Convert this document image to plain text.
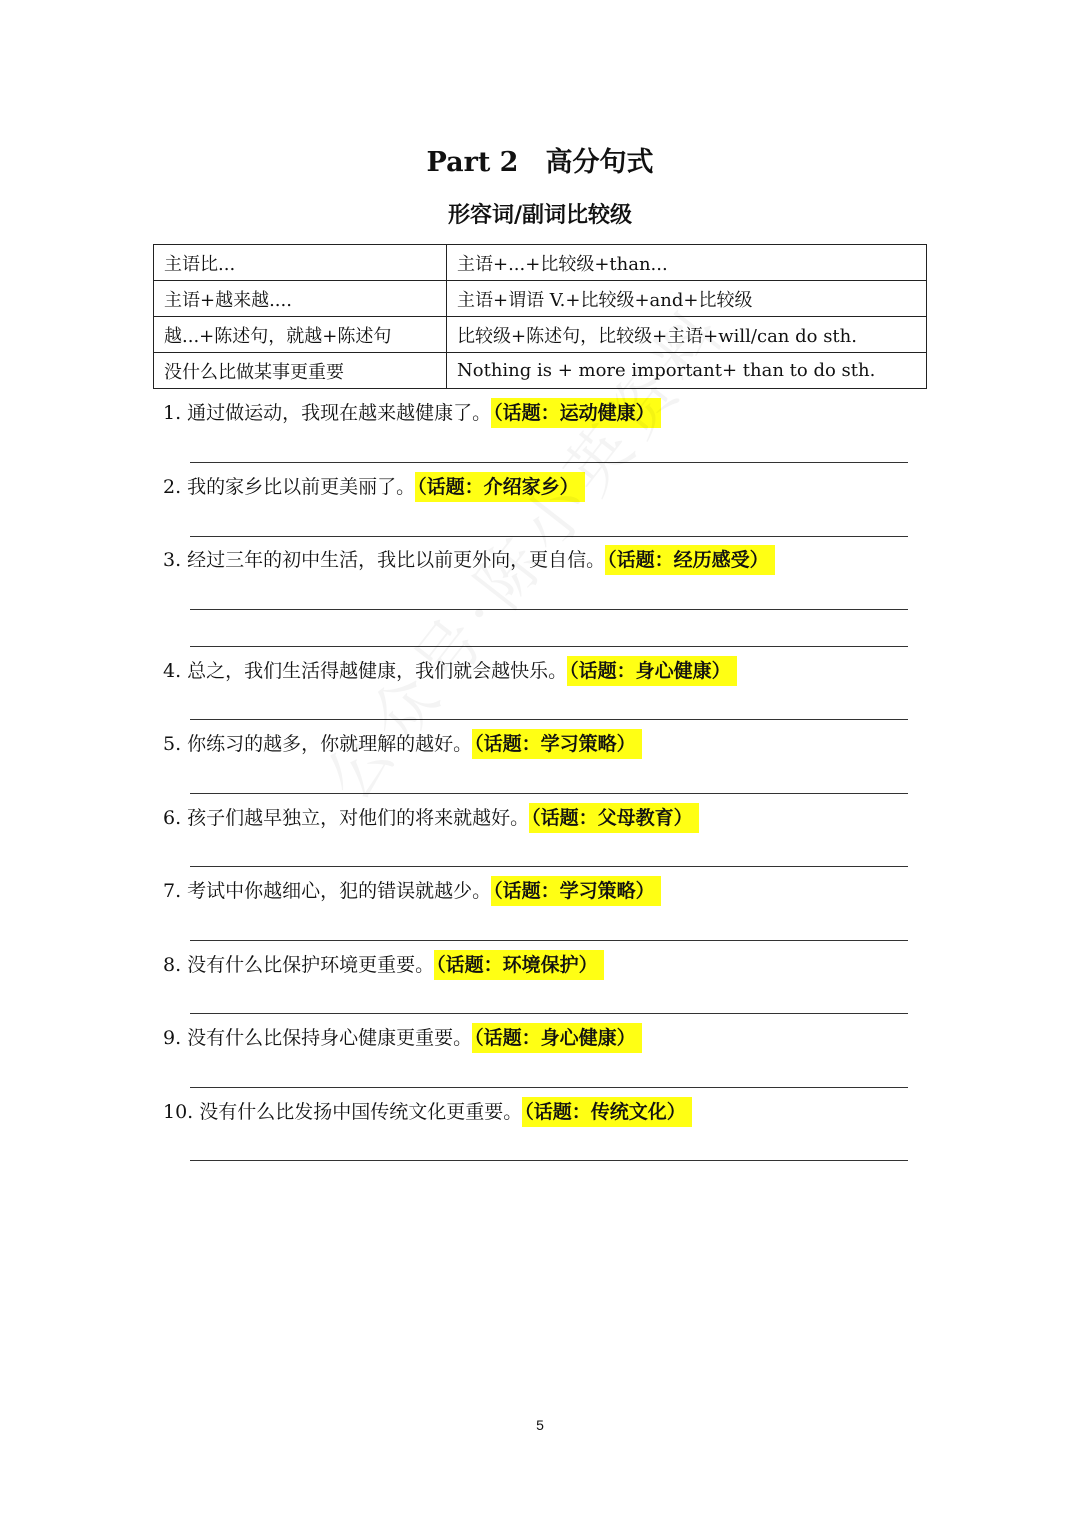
Part 2　高分句式
形容词/副词比较级
主语比...	主语+...+比较级+than...
主语+越来越....	主语+谓语 V.+比较级+and+比较级
越...+陈述句，就越+陈述句	比较级+陈述句，比较级+主语+will/can do sth.
没什么比做某事更重要	Nothing is + more important+ than to do sth.
1. 通过做运动，我现在越来越健康了。 （话题：运动健康）
2. 我的家乡比以前更美丽了。 （话题：介绍家乡）
3. 经过三年的初中生活，我比以前更外向，更自信。 （话题：经历感受）
4. 总之，我们生活得越健康，我们就会越快乐。 （话题：身心健康）
5. 你练习的越多，你就理解的越好。 （话题：学习策略）
6. 孩子们越早独立，对他们的将来就越好。 （话题：父母教育）
7. 考试中你越细心，犯的错误就越少。 （话题：学习策略）
8. 没有什么比保护环境更重要。 （话题：环境保护）
9. 没有什么比保持身心健康更重要。 （话题：身心健康）
10. 没有什么比发扬中国传统文化更重要。 （话题：传统文化）
5
